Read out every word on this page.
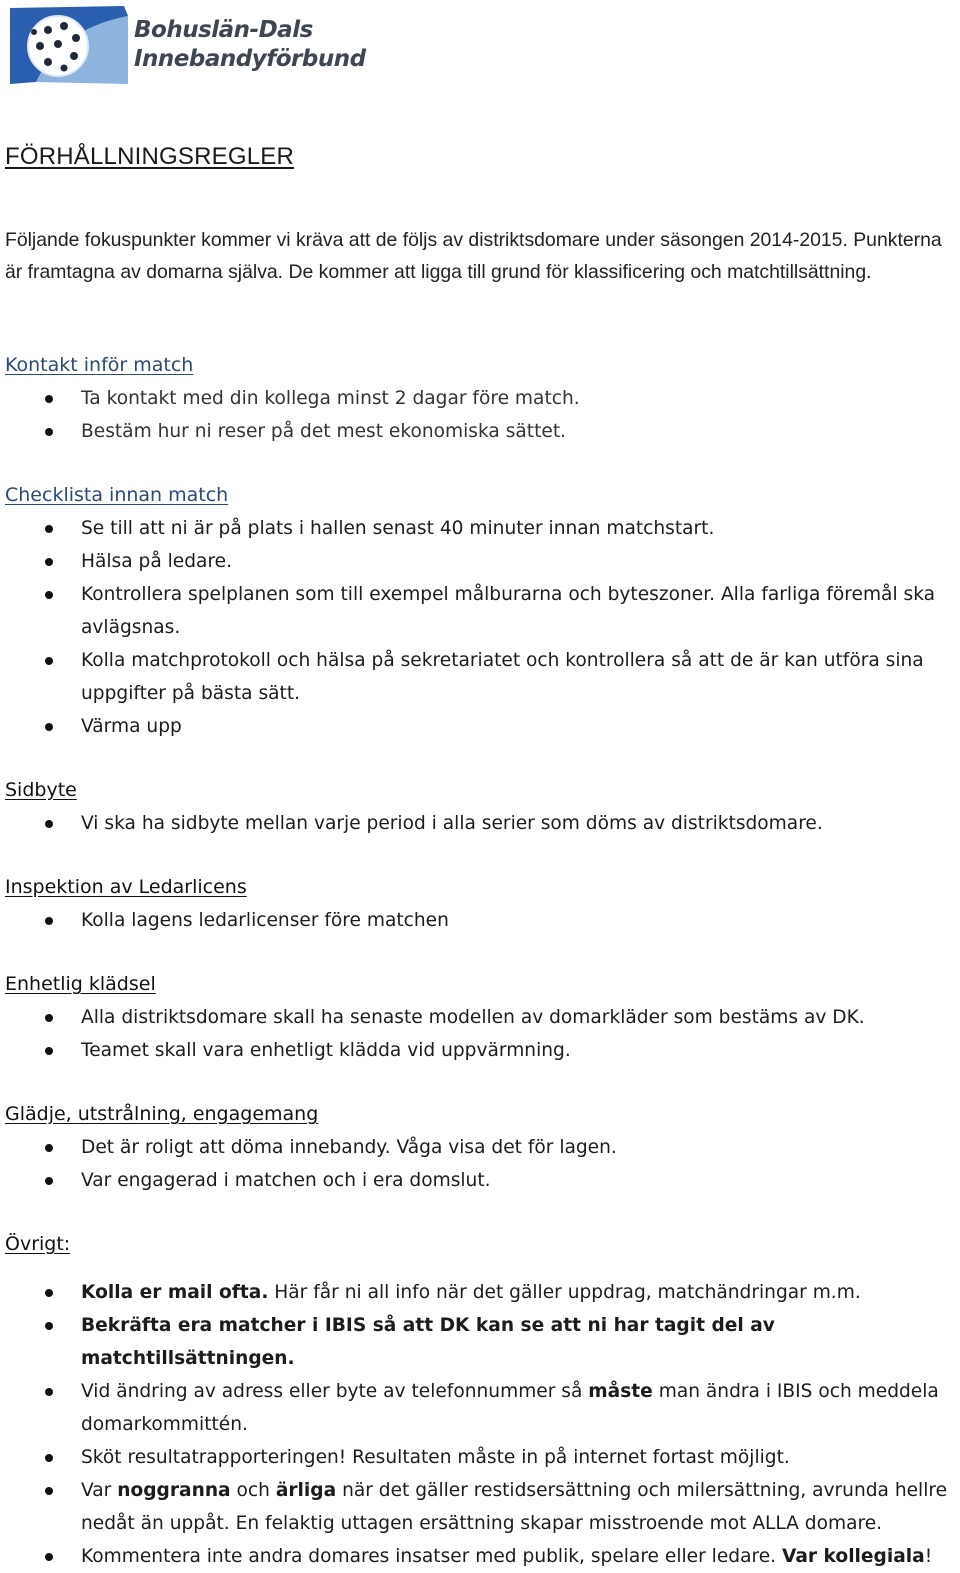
Bohuslän-Dals
Innebandyförbund
FÖRHÅLLNINGSREGLER

Följande fokuspunkter kommer vi kräva att de följs av distriktsdomare under säsongen 2014-2015. Punkterna är framtagna av domarna själva. De kommer att ligga till grund för klassificering och matchtillsättning.

Kontakt inför match
Ta kontakt med din kollega minst 2 dagar före match.
Bestäm hur ni reser på det mest ekonomiska sättet.
Checklista innan match
Se till att ni är på plats i hallen senast 40 minuter innan matchstart.
Hälsa på ledare.
Kontrollera spelplanen som till exempel målburarna och byteszoner. Alla farliga föremål ska avlägsnas.
Kolla matchprotokoll och hälsa på sekretariatet och kontrollera så att de är kan utföra sina uppgifter på bästa sätt.
Värma upp
Sidbyte
Vi ska ha sidbyte mellan varje period i alla serier som döms av distriktsdomare.
Inspektion av Ledarlicens
Kolla lagens ledarlicenser före matchen
Enhetlig klädsel
Alla distriktsdomare skall ha senaste modellen av domarkläder som bestäms av DK.
Teamet skall vara enhetligt klädda vid uppvärmning.
Glädje, utstrålning, engagemang
Det är roligt att döma innebandy. Våga visa det för lagen.
Var engagerad i matchen och i era domslut.
Övrigt:
Kolla er mail ofta. Här får ni all info när det gäller uppdrag, matchändringar m.m.
Bekräfta era matcher i IBIS så att DK kan se att ni har tagit del av matchtillsättningen.
Vid ändring av adress eller byte av telefonnummer så måste man ändra i IBIS och meddela domarkommittén.
Sköt resultatrapporteringen! Resultaten måste in på internet fortast möjligt.
Var noggranna och ärliga när det gäller restidsersättning och milersättning, avrunda hellre nedåt än uppåt. En felaktig uttagen ersättning skapar misstroende mot ALLA domare.
Kommentera inte andra domares insatser med publik, spelare eller ledare. Var kollegiala!
